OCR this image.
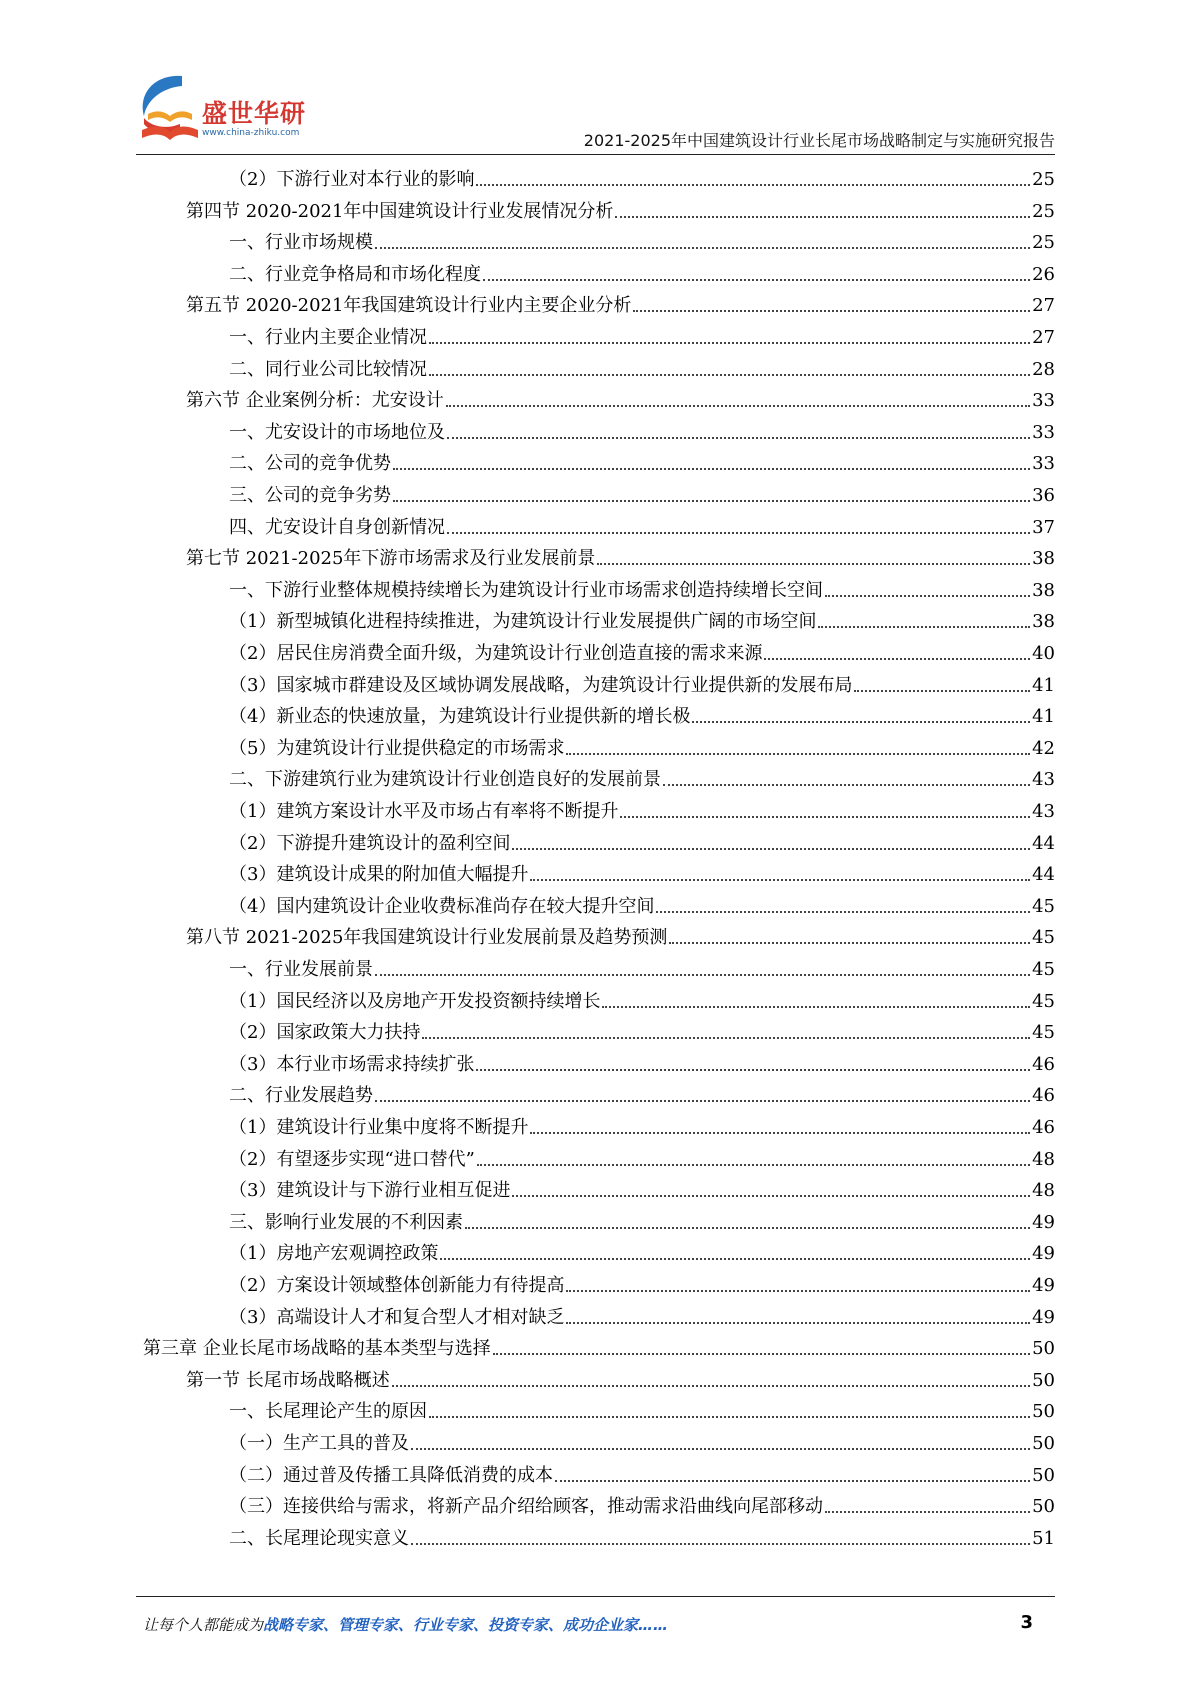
盛世华研
www.china-zhiku.com	2021-2025年中国建筑设计行业长尾市场战略制定与实施研究报告
（2）下游行业对本行业的影响	25
第四节 2020-2021年中国建筑设计行业发展情况分析	25
一、行业市场规模	25
二、行业竞争格局和市场化程度	26
第五节 2020-2021年我国建筑设计行业内主要企业分析	27
一、行业内主要企业情况	27
二、同行业公司比较情况	28
第六节 企业案例分析：尤安设计	33
一、尤安设计的市场地位及	33
二、公司的竞争优势	33
三、公司的竞争劣势	36
四、尤安设计自身创新情况	37
第七节 2021-2025年下游市场需求及行业发展前景	38
一、下游行业整体规模持续增长为建筑设计行业市场需求创造持续增长空间	38
（1）新型城镇化进程持续推进，为建筑设计行业发展提供广阔的市场空间	38
（2）居民住房消费全面升级，为建筑设计行业创造直接的需求来源	40
（3）国家城市群建设及区域协调发展战略，为建筑设计行业提供新的发展布局	41
（4）新业态的快速放量，为建筑设计行业提供新的增长极	41
（5）为建筑设计行业提供稳定的市场需求	42
二、下游建筑行业为建筑设计行业创造良好的发展前景	43
（1）建筑方案设计水平及市场占有率将不断提升	43
（2）下游提升建筑设计的盈利空间	44
（3）建筑设计成果的附加值大幅提升	44
（4）国内建筑设计企业收费标准尚存在较大提升空间	45
第八节 2021-2025年我国建筑设计行业发展前景及趋势预测	45
一、行业发展前景	45
（1）国民经济以及房地产开发投资额持续增长	45
（2）国家政策大力扶持	45
（3）本行业市场需求持续扩张	46
二、行业发展趋势	46
（1）建筑设计行业集中度将不断提升	46
（2）有望逐步实现“进口替代”	48
（3）建筑设计与下游行业相互促进	48
三、影响行业发展的不利因素	49
（1）房地产宏观调控政策	49
（2）方案设计领域整体创新能力有待提高	49
（3）高端设计人才和复合型人才相对缺乏	49
第三章 企业长尾市场战略的基本类型与选择	50
第一节 长尾市场战略概述	50
一、长尾理论产生的原因	50
（一）生产工具的普及	50
（二）通过普及传播工具降低消费的成本	50
（三）连接供给与需求，将新产品介绍给顾客，推动需求沿曲线向尾部移动	50
二、长尾理论现实意义	51
让每个人都能成为战略专家、管理专家、行业专家、投资专家、成功企业家……	3
